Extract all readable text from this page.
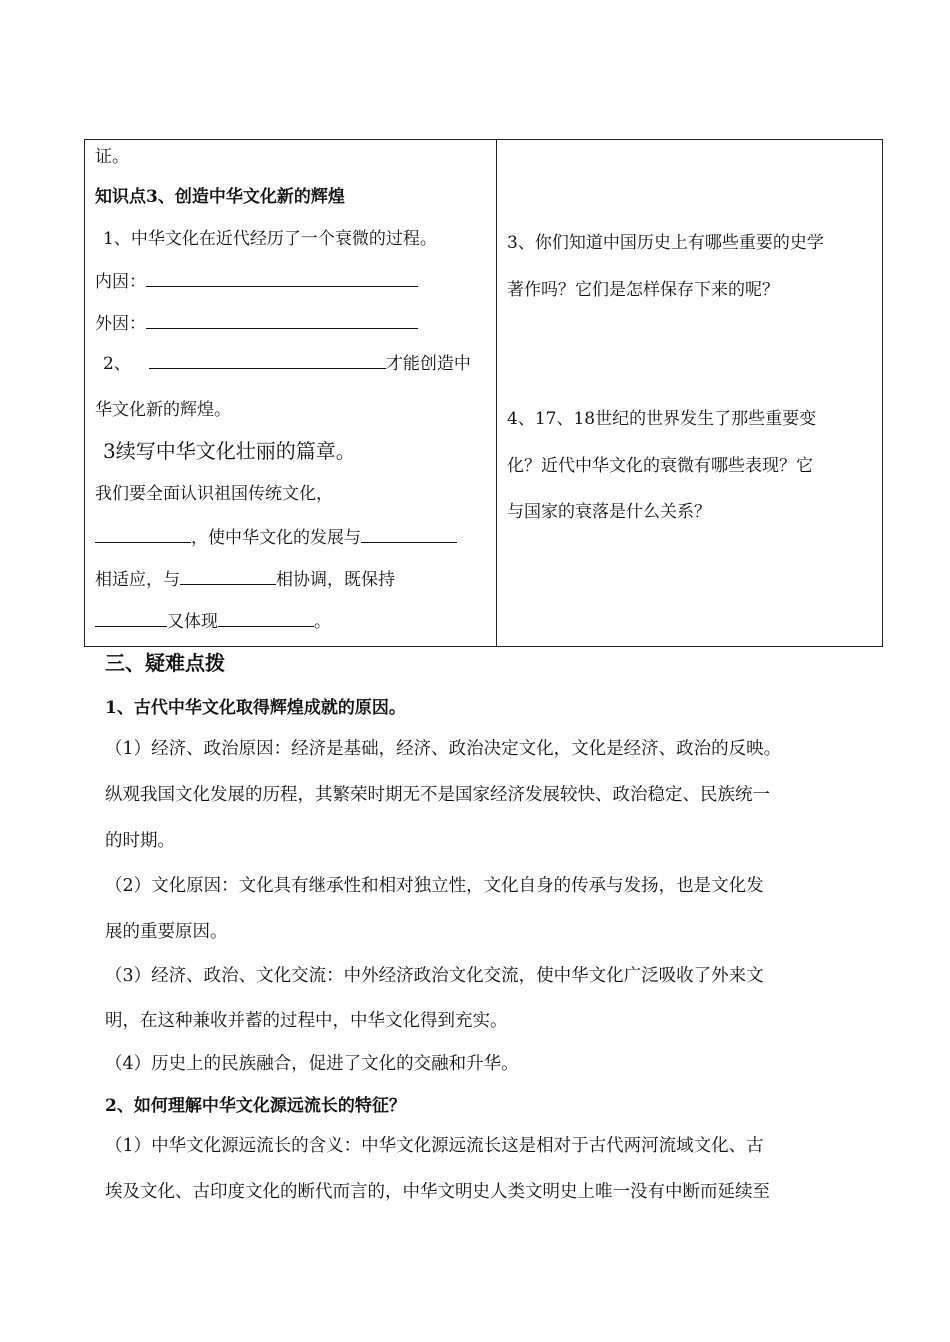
证。
知识点3、创造中华文化新的辉煌
1、中华文化在近代经历了一个衰微的过程。
内因：
外因：
2、	才能创造中
华文化新的辉煌。
3续写中华文化壮丽的篇章。
我们要全面认识祖国传统文化，
，使中华文化的发展与
相适应，与	相协调，既保持
又体现	。
3、你们知道中国历史上有哪些重要的史学
著作吗？它们是怎样保存下来的呢？
4、17、18世纪的世界发生了那些重要变
化？近代中华文化的衰微有哪些表现？它
与国家的衰落是什么关系？
三、疑难点拨
1、古代中华文化取得辉煌成就的原因。
（1）经济、政治原因：经济是基础，经济、政治决定文化，文化是经济、政治的反映。
纵观我国文化发展的历程，其繁荣时期无不是国家经济发展较快、政治稳定、民族统一
的时期。
（2）文化原因：文化具有继承性和相对独立性，文化自身的传承与发扬，也是文化发
展的重要原因。
（3）经济、政治、文化交流：中外经济政治文化交流，使中华文化广泛吸收了外来文
明，在这种兼收并蓄的过程中，中华文化得到充实。
（4）历史上的民族融合，促进了文化的交融和升华。
2、如何理解中华文化源远流长的特征？
（1）中华文化源远流长的含义：中华文化源远流长这是相对于古代两河流域文化、古
埃及文化、古印度文化的断代而言的，中华文明史人类文明史上唯一没有中断而延续至
